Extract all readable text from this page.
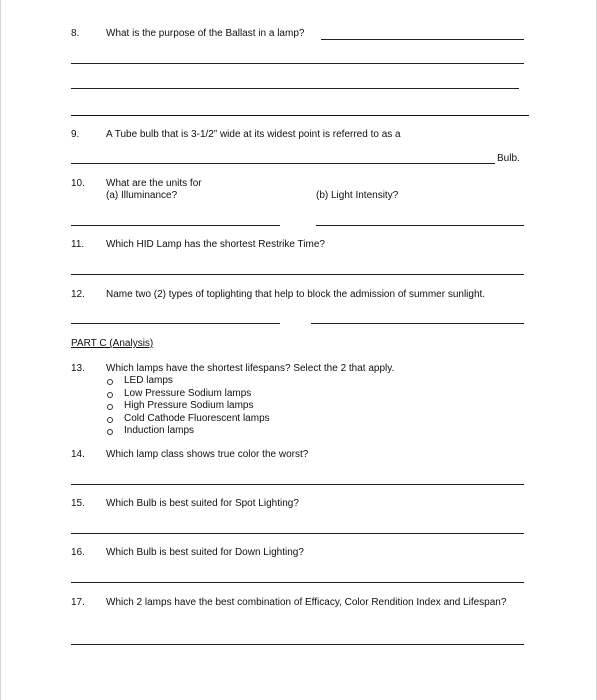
8.	What is the purpose of the Ballast in a lamp?
9.	A Tube bulb that is 3-1/2” wide at its widest point is referred to as a
Bulb.
10. What are the units for
(a) Illuminance?	(b) Light Intensity?
11. Which HID Lamp has the shortest Restrike Time?
12. Name two (2) types of toplighting that help to block the admission of summer sunlight.
PART C (Analysis)
13. Which lamps have the shortest lifespans? Select the 2 that apply.
LED lamps
Low Pressure Sodium lamps
High Pressure Sodium lamps
Cold Cathode Fluorescent lamps
Induction lamps
14. Which lamp class shows true color the worst?
15. Which Bulb is best suited for Spot Lighting?
16. Which Bulb is best suited for Down Lighting?
17. Which 2 lamps have the best combination of Efficacy, Color Rendition Index and Lifespan?
